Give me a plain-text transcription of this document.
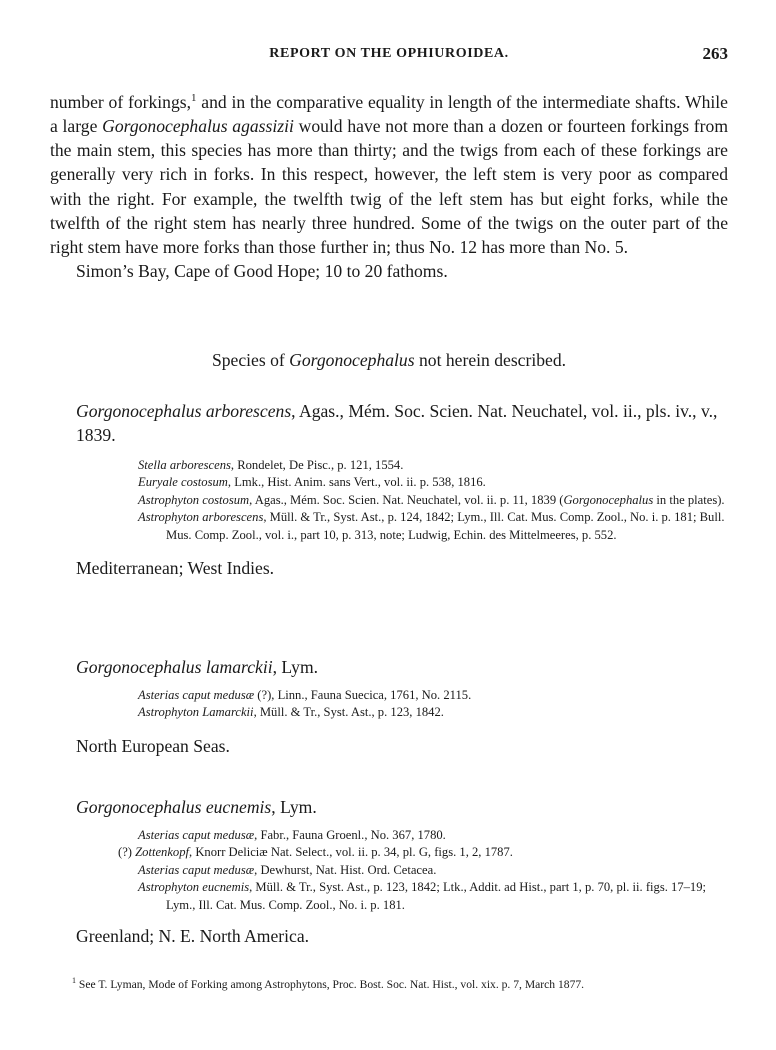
REPORT ON THE OPHIUROIDEA.	263

number of forkings,$^1$ and in the comparative equality in length of the intermediate shafts. While a large Gorgonocephalus agassizii would have not more than a dozen or fourteen forkings from the main stem, this species has more than thirty; and the twigs from each of these forkings are generally very rich in forks. In this respect, however, the left stem is very poor as compared with the right. For example, the twelfth twig of the left stem has but eight forks, while the twelfth of the right stem has nearly three hundred. Some of the twigs on the outer part of the right stem have more forks than those further in; thus No. 12 has more than No. 5.

Simon’s Bay, Cape of Good Hope; 10 to 20 fathoms.

Species of Gorgonocephalus not herein described.

Gorgonocephalus arborescens, Agas., Mém. Soc. Scien. Nat. Neuchatel, vol. ii., pls. iv., v., 1839.

Stella arborescens, Rondelet, De Pisc., p. 121, 1554.

Euryale costosum, Lmk., Hist. Anim. sans Vert., vol. ii. p. 538, 1816.

Astrophyton costosum, Agas., Mém. Soc. Scien. Nat. Neuchatel, vol. ii. p. 11, 1839 (Gorgonocephalus in the plates).

Astrophyton arborescens, Müll. & Tr., Syst. Ast., p. 124, 1842; Lym., Ill. Cat. Mus. Comp. Zool., No. i. p. 181; Bull. Mus. Comp. Zool., vol. i., part 10, p. 313, note; Ludwig, Echin. des Mittelmeeres, p. 552.

Mediterranean; West Indies.

Gorgonocephalus lamarckii, Lym.

Asterias caput medusæ (?), Linn., Fauna Suecica, 1761, No. 2115.

Astrophyton Lamarckii, Müll. & Tr., Syst. Ast., p. 123, 1842.

North European Seas.

Gorgonocephalus eucnemis, Lym.

Asterias caput medusæ, Fabr., Fauna Groenl., No. 367, 1780.

(?) Zottenkopf, Knorr Deliciæ Nat. Select., vol. ii. p. 34, pl. G, figs. 1, 2, 1787.

Asterias caput medusæ, Dewhurst, Nat. Hist. Ord. Cetacea.

Astrophyton eucnemis, Müll. & Tr., Syst. Ast., p. 123, 1842; Ltk., Addit. ad Hist., part 1, p. 70, pl. ii. figs. 17–19; Lym., Ill. Cat. Mus. Comp. Zool., No. i. p. 181.

Greenland; N. E. North America.

$^1$ See T. Lyman, Mode of Forking among Astrophytons, Proc. Bost. Soc. Nat. Hist., vol. xix. p. 7, March 1877.
